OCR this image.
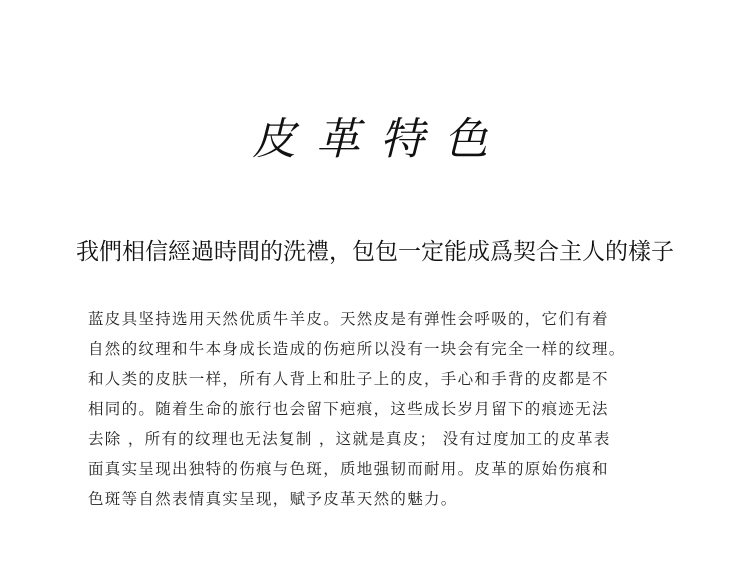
皮革特色

我們相信經過時間的洗禮，包包一定能成爲契合主人的樣子

蓝皮具坚持选用天然优质牛羊皮。天然皮是有弹性会呼吸的，它们有着
自然的纹理和牛本身成长造成的伤疤所以没有一块会有完全一样的纹理。
和人类的皮肤一样，所有人背上和肚子上的皮，手心和手背的皮都是不
相同的。随着生命的旅行也会留下疤痕，这些成长岁月留下的痕迹无法
去除 ，所有的纹理也无法复制 ，这就是真皮； 没有过度加工的皮革表
面真实呈现出独特的伤痕与色斑，质地强韧而耐用。皮革的原始伤痕和
色斑等自然表情真实呈现，赋予皮革天然的魅力。
